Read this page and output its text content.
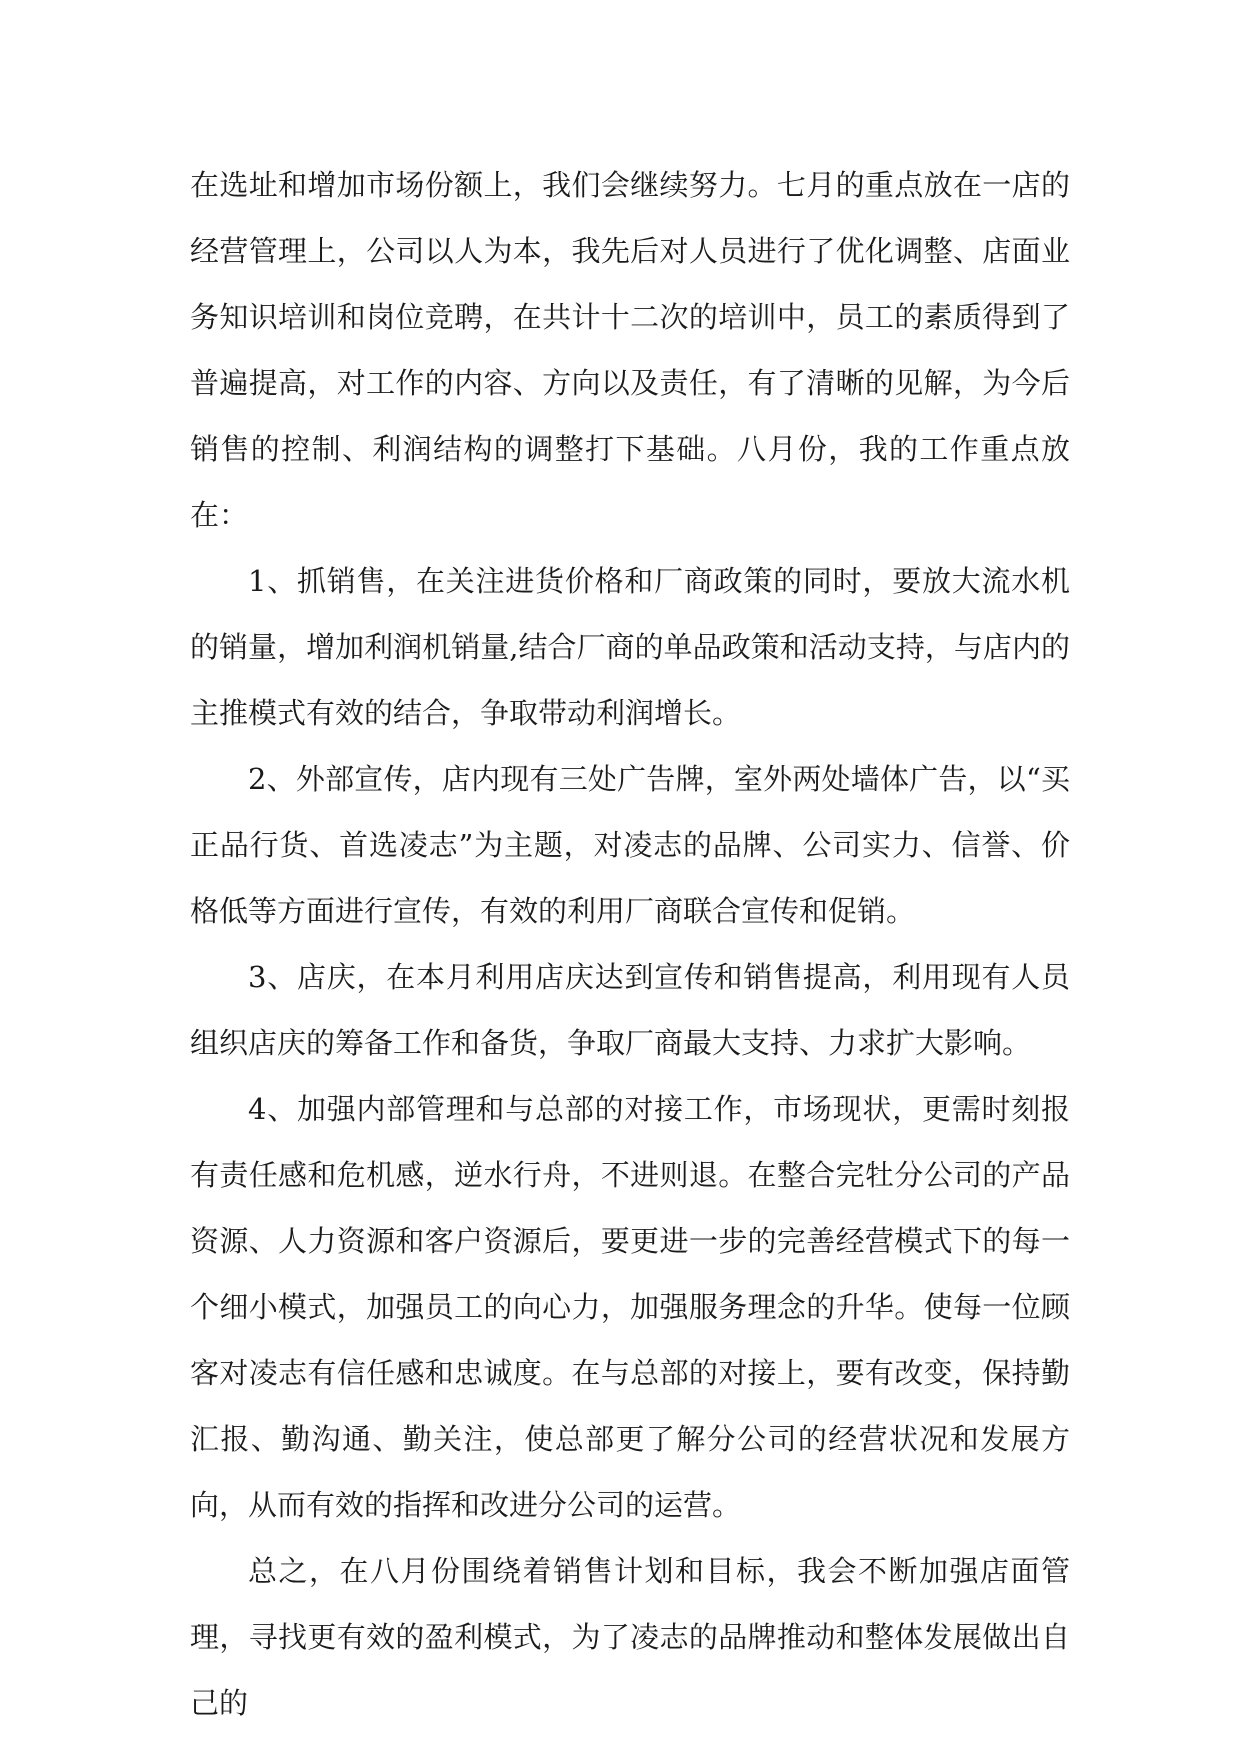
在选址和增加市场份额上，我们会继续努力。七月的重点放在一店的经营管理上，公司以人为本，我先后对人员进行了优化调整、店面业务知识培训和岗位竞聘，在共计十二次的培训中，员工的素质得到了普遍提高，对工作的内容、方向以及责任，有了清晰的见解，为今后销售的控制、利润结构的调整打下基础。八月份，我的工作重点放在：

1、抓销售，在关注进货价格和厂商政策的同时，要放大流水机的销量，增加利润机销量,结合厂商的单品政策和活动支持，与店内的主推模式有效的结合，争取带动利润增长。

2、外部宣传，店内现有三处广告牌，室外两处墙体广告，以“买正品行货、首选凌志”为主题，对凌志的品牌、公司实力、信誉、价格低等方面进行宣传，有效的利用厂商联合宣传和促销。

3、店庆，在本月利用店庆达到宣传和销售提高，利用现有人员组织店庆的筹备工作和备货，争取厂商最大支持、力求扩大影响。

4、加强内部管理和与总部的对接工作，市场现状，更需时刻报有责任感和危机感，逆水行舟，不进则退。在整合完牡分公司的产品资源、人力资源和客户资源后，要更进一步的完善经营模式下的每一个细小模式，加强员工的向心力，加强服务理念的升华。使每一位顾客对凌志有信任感和忠诚度。在与总部的对接上，要有改变，保持勤汇报、勤沟通、勤关注，使总部更了解分公司的经营状况和发展方向，从而有效的指挥和改进分公司的运营。

总之，在八月份围绕着销售计划和目标，我会不断加强店面管理，寻找更有效的盈利模式，为了凌志的品牌推动和整体发展做出自己的
